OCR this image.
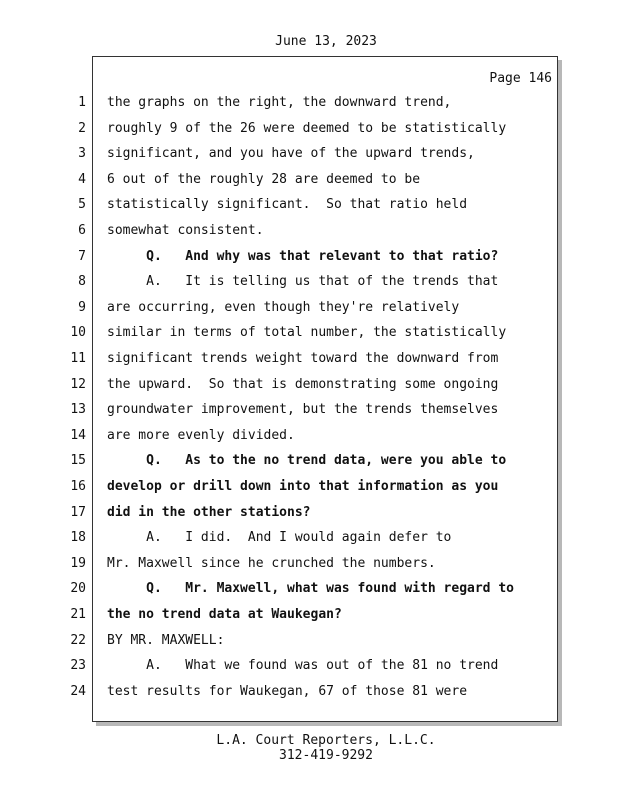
June 13, 2023
Page 146
1 the graphs on the right, the downward trend,
2 roughly 9 of the 26 were deemed to be statistically
3 significant, and you have of the upward trends,
4 6 out of the roughly 28 are deemed to be
5 statistically significant.  So that ratio held
6 somewhat consistent.
7 Q.   And why was that relevant to that ratio?
8 A.   It is telling us that of the trends that
9 are occurring, even though they're relatively
10 similar in terms of total number, the statistically
11 significant trends weight toward the downward from
12 the upward.  So that is demonstrating some ongoing
13 groundwater improvement, but the trends themselves
14 are more evenly divided.
15 Q.   As to the no trend data, were you able to
16 develop or drill down into that information as you
17 did in the other stations?
18 A.   I did.  And I would again defer to
19 Mr. Maxwell since he crunched the numbers.
20 Q.   Mr. Maxwell, what was found with regard to
21 the no trend data at Waukegan?
22 BY MR. MAXWELL:
23 A.   What we found was out of the 81 no trend
24 test results for Waukegan, 67 of those 81 were
L.A. Court Reporters, L.L.C.
312-419-9292
